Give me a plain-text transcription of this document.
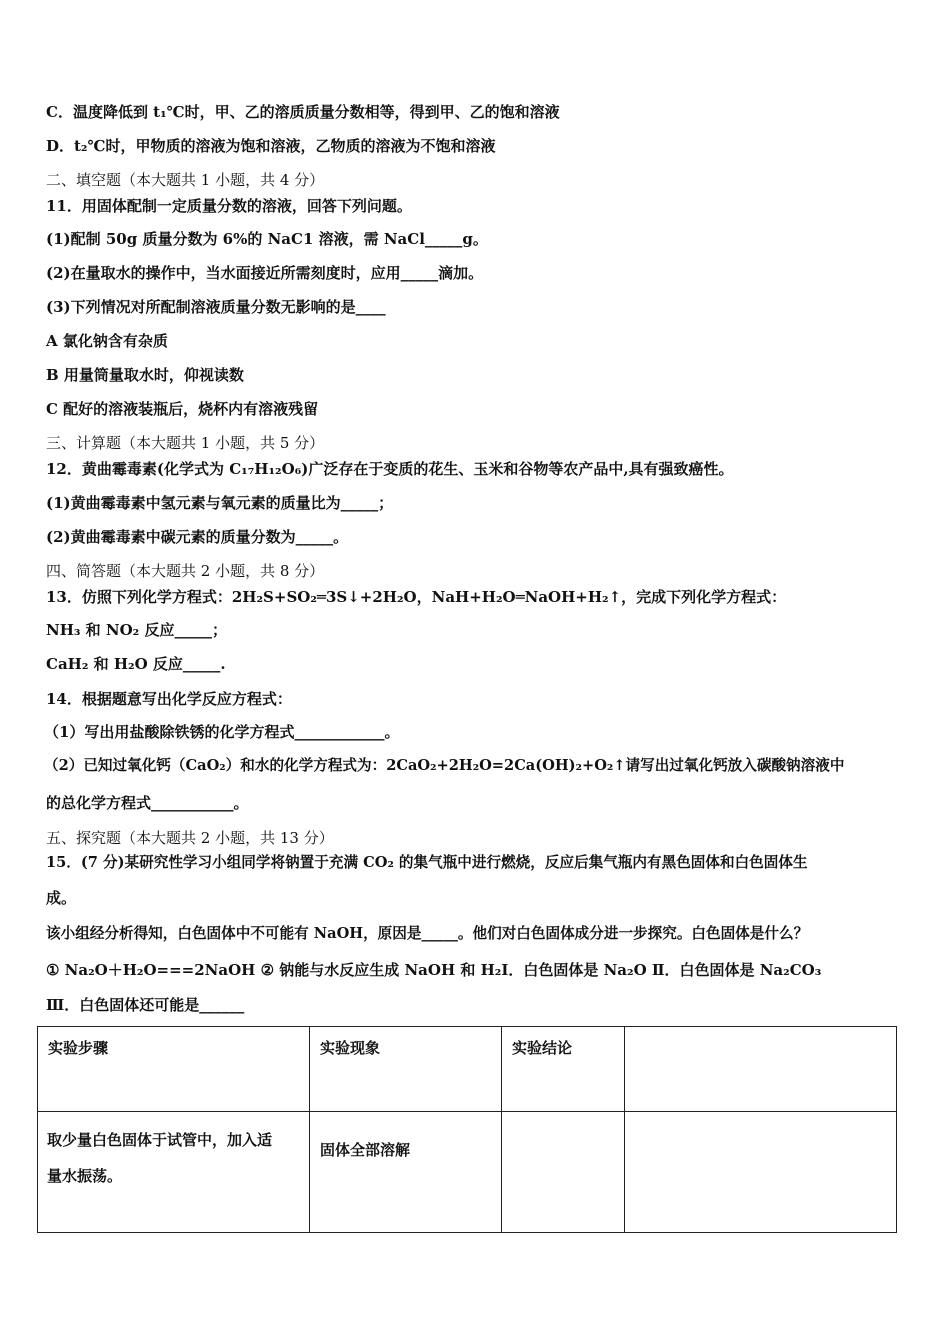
C．温度降低到 t₁℃时，甲、乙的溶质质量分数相等，得到甲、乙的饱和溶液
D．t₂℃时，甲物质的溶液为饱和溶液，乙物质的溶液为不饱和溶液
二、填空题（本大题共 1 小题，共 4 分）
11．用固体配制一定质量分数的溶液，回答下列问题。
(1)配制 50g 质量分数为 6%的 NaC1 溶液，需 NaCl_____g。
(2)在量取水的操作中，当水面接近所需刻度时，应用_____滴加。
(3)下列情况对所配制溶液质量分数无影响的是____
A 氯化钠含有杂质
B 用量筒量取水时，仰视读数
C 配好的溶液装瓶后，烧杯内有溶液残留
三、计算题（本大题共 1 小题，共 5 分）
12．黄曲霉毒素(化学式为 C₁₇H₁₂O₆)广泛存在于变质的花生、玉米和谷物等农产品中,具有强致癌性。
(1)黄曲霉毒素中氢元素与氧元素的质量比为_____；
(2)黄曲霉毒素中碳元素的质量分数为_____。
四、简答题（本大题共 2 小题，共 8 分）
13．仿照下列化学方程式：2H₂S+SO₂═3S↓+2H₂O，NaH+H₂O═NaOH+H₂↑，完成下列化学方程式：
NH₃ 和 NO₂ 反应_____；
CaH₂ 和 H₂O 反应_____.
14．根据题意写出化学反应方程式：
（1）写出用盐酸除铁锈的化学方程式____________。
（2）已知过氧化钙（CaO₂）和水的化学方程式为：2CaO₂+2H₂O=2Ca(OH)₂+O₂↑请写出过氧化钙放入碳酸钠溶液中
的总化学方程式___________。
五、探究题（本大题共 2 小题，共 13 分）
15．(7 分)某研究性学习小组同学将钠置于充满 CO₂ 的集气瓶中进行燃烧，反应后集气瓶内有黑色固体和白色固体生
成。
该小组经分析得知，白色固体中不可能有 NaOH，原因是_____。他们对白色固体成分进一步探究。白色固体是什么？
① Na₂O＋H₂O===2NaOH ② 钠能与水反应生成 NaOH 和 H₂Ⅰ．白色固体是 Na₂O Ⅱ．白色固体是 Na₂CO₃
Ⅲ．白色固体还可能是______
实验步骤	实验现象	实验结论	

取少量白色固体于试管中，加入适
量水振荡。	固体全部溶解		
